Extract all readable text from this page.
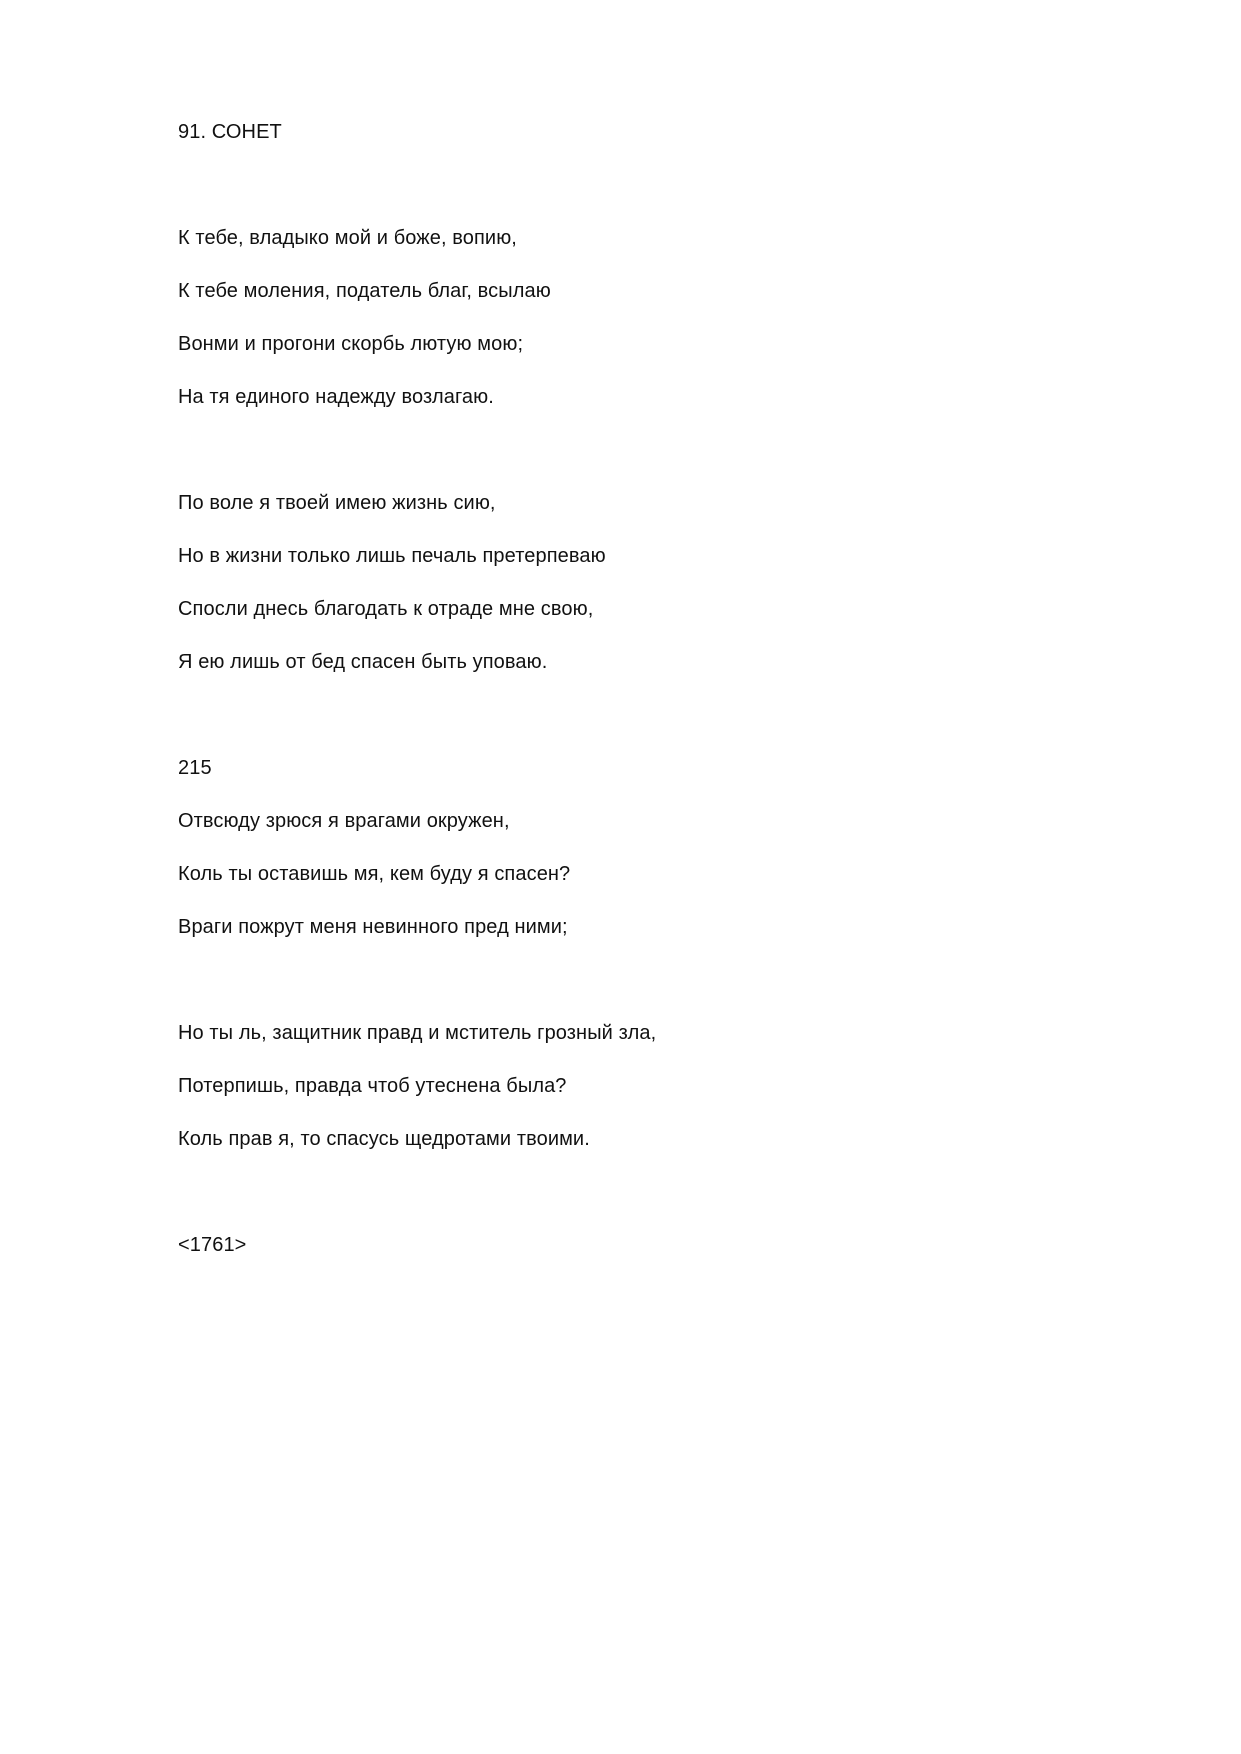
91. СОНЕТ
К тебе, владыко мой и боже, вопию,
К тебе моления, податель благ, всылаю
Вонми и прогони скорбь лютую мою;
На тя единого надежду возлагаю.
По воле я твоей имею жизнь сию,
Но в жизни только лишь печаль претерпеваю
Спосли днесь благодать к отраде мне свою,
Я ею лишь от бед спасен быть уповаю.
215
Отвсюду зрюся я врагами окружен,
Коль ты оставишь мя, кем буду я спасен?
Враги пожрут меня невинного пред ними;
Но ты ль, защитник правд и мститель грозный зла,
Потерпишь, правда чтоб утеснена была?
Коль прав я, то спасусь щедротами твоими.
<1761>
